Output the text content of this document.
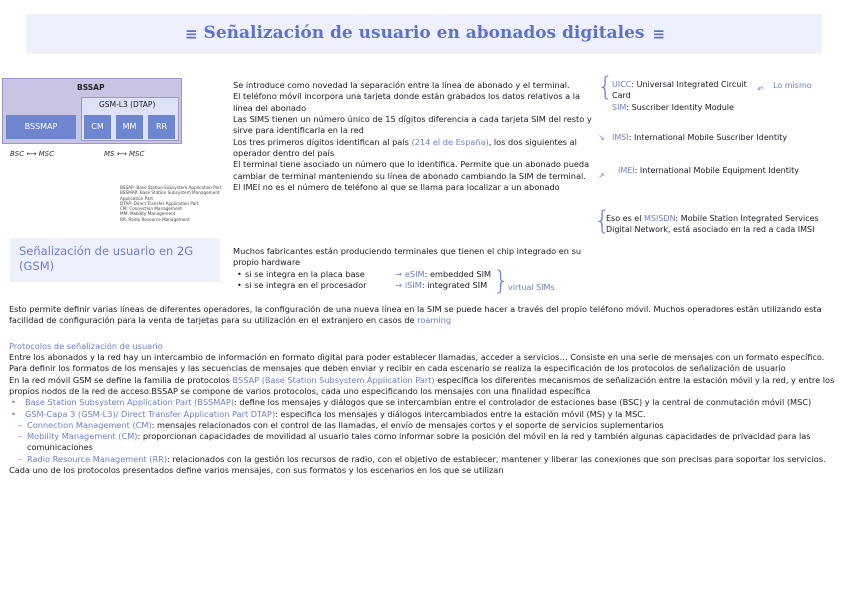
≡ Señalización de usuario en abonados digitales ≡
BSSAP
GSM-L3 (DTAP)
BSSMAP	CM	MM	RR
BSC ⟷ MSC	MS ⟷ MSC
BSSAP: Base Station Subsystem Application Part
BSSMAP: Base Station Subsystem Management Application Part
DTAP: Direct Transfer Application Part
CM: Connection Management
MM: Mobility Management
RR: Radio Resource Management
Señalización de usuario en 2G (GSM)

Se introduce como novedad la separación entre la línea de abonado y el terminal.

El teléfono móvil incorpora una tarjeta donde están grabados los datos relativos a la línea del abonado

Las SIMS tienen un número único de 15 dígitos diferencia a cada tarjeta SIM del resto y sirve para identificarla en la red

Los tres primeros dígitos identifican al país (214 el de España), los dos siguientes al operador dentro del país

El terminal tiene asociado un número que lo identifica. Permite que un abonado pueda cambiar de terminal manteniendo su línea de abonado cambiando la SIM de terminal.

El IMEI no es el número de teléfono al que se llama para localizar a un abonado

{
UICC: Universal Integrated Circuit Card
SIM: Suscriber Identity Module
↶ Lo mismo
↘ IMSI: International Mobile Suscriber Identity
↗
IMEI: International Mobile Equipment Identity
{
Eso es el MSISDN: Mobile Station Integrated Services Digital Network, está asociado en la red a cada IMSI

Muchos fabricantes están produciendo terminales que tienen el chip integrado en su propio hardware

• si se integra en la placa base	→ eSIM : embedded SIM
• si se integra en el procesador	→ iSIM : integrated SIM }
virtual SIMs

Esto permite definir varias líneas de diferentes operadores, la configuración de una nueva línea en la SIM se puede hacer a través del propio teléfono móvil. Muchos operadores están utilizando esta facilidad de configuración para la venta de tarjetas para su utilización en el extranjero en casos de roaming

Protocolos de señalización de usuario

Entre los abonados y la red hay un intercambio de información en formato digital para poder establecer llamadas, acceder a servicios… Consiste en una serie de mensajes con un formato específico. Para definir los formatos de los mensajes y las secuencias de mensajes que deben enviar y recibir en cada escenario se realiza la especificación de los protocolos de señalización de usuario

En la red móvil GSM se define la familia de protocolos BSSAP (Base Station Subsystem Application Part) especifica los diferentes mecanismos de señalización entre la estación móvil y la red, y entre los propios nodos de la red de acceso.BSSAP se compone de varios protocolos, cada uno especificando los mensajes con una finalidad específica

• Base Station Subsystem Application Part (BSSMAP): define los mensajes y diálogos que se intercambian entre el controlador de estaciones base (BSC) y la central de conmutación móvil (MSC)

• GSM-Capa 3 (GSM-L3)/ Direct Transfer Application Part DTAP): especifica los mensajes y diálogos intercambiados entre la estación móvil (MS) y la MSC.

– Connection Management (CM): mensajes relacionados con el control de las llamadas, el envío de mensajes cortos y el soporte de servicios suplementarios

– Mobility Management (CM): proporcionan capacidades de movilidad al usuario tales como informar sobre la posición del móvil en la red y también algunas capacidades de privacidad para las comunicaciones

– Radio Resource Management (RR): relacionados con la gestión los recursos de radio, con el objetivo de establecer, mantener y liberar las conexiones que son precisas para soportar los servicios.

Cada uno de los protocolos presentados define varios mensajes, con sus formatos y los escenarios en los que se utilizan
